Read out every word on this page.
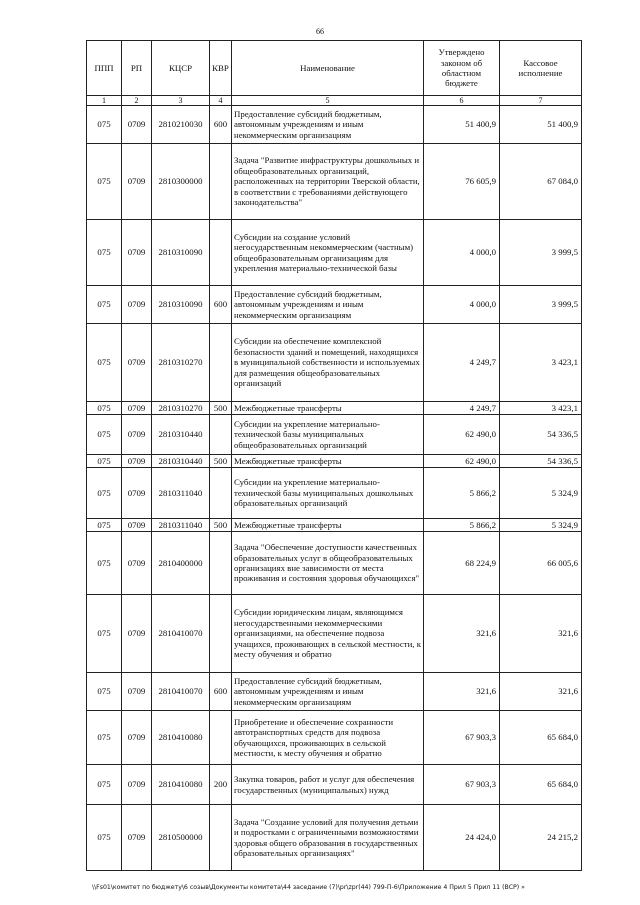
66
ППП	РП	КЦСР	КВР	Наименование	Утверждено законом об областном бюджете	Кассовое исполнение
1	2	3	4	5	6	7
075	0709	2810210030	600	Предоставление субсидий бюджетным, автономным учреждениям и иным некоммерческим организациям	51 400,9	51 400,9
075	0709	2810300000		Задача "Развитие инфраструктуры дошкольных и общеобразовательных организаций, расположенных на территории Тверской области, в соответствии с требованиями действующего законодательства"	76 605,9	67 084,0
075	0709	2810310090		Субсидии на создание условий негосударственным некоммерческим (частным) общеобразовательным организациям для укрепления материально-технической базы	4 000,0	3 999,5
075	0709	2810310090	600	Предоставление субсидий бюджетным, автономным учреждениям и иным некоммерческим организациям	4 000,0	3 999,5
075	0709	2810310270		Субсидии на обеспечение комплексной безопасности зданий и помещений, находящихся в муниципальной собственности и используемых для размещения общеобразовательных организаций	4 249,7	3 423,1
075	0709	2810310270	500	Межбюджетные трансферты	4 249,7	3 423,1
075	0709	2810310440		Субсидии на укрепление материально-технической базы муниципальных общеобразовательных организаций	62 490,0	54 336,5
075	0709	2810310440	500	Межбюджетные трансферты	62 490,0	54 336,5
075	0709	2810311040		Субсидии на укрепление материально-технической базы муниципальных дошкольных образовательных организаций	5 866,2	5 324,9
075	0709	2810311040	500	Межбюджетные трансферты	5 866,2	5 324,9
075	0709	2810400000		Задача "Обеспечение доступности качественных образовательных услуг в общеобразовательных организациях вне зависимости от места проживания и состояния здоровья обучающихся"	68 224,9	66 005,6
075	0709	2810410070		Субсидии юридическим лицам, являющимся негосударственными некоммерческими организациями, на обеспечение подвоза учащихся, проживающих в сельской местности, к месту обучения и обратно	321,6	321,6
075	0709	2810410070	600	Предоставление субсидий бюджетным, автономным учреждениям и иным некоммерческим организациям	321,6	321,6
075	0709	2810410080		Приобретение и обеспечение сохранности автотранспортных средств для подвоза обучающихся, проживающих в сельской местности, к месту обучения и обратно	67 903,3	65 684,0
075	0709	2810410080	200	Закупка товаров, работ и услуг для обеспечения государственных (муниципальных) нужд	67 903,3	65 684,0
075	0709	2810500000		Задача "Создание условий для получения детьми и подростками с ограниченными возможностями здоровья общего образования в государственных образовательных организациях"	24 424,0	24 215,2
\\Fs01\комитет по бюджету\6 созыв\Документы комитета\44 заседание (7)\pr\zpr(44) 799-П-6\Приложение 4 Прил 5 Прил 11 (ВСР) »
